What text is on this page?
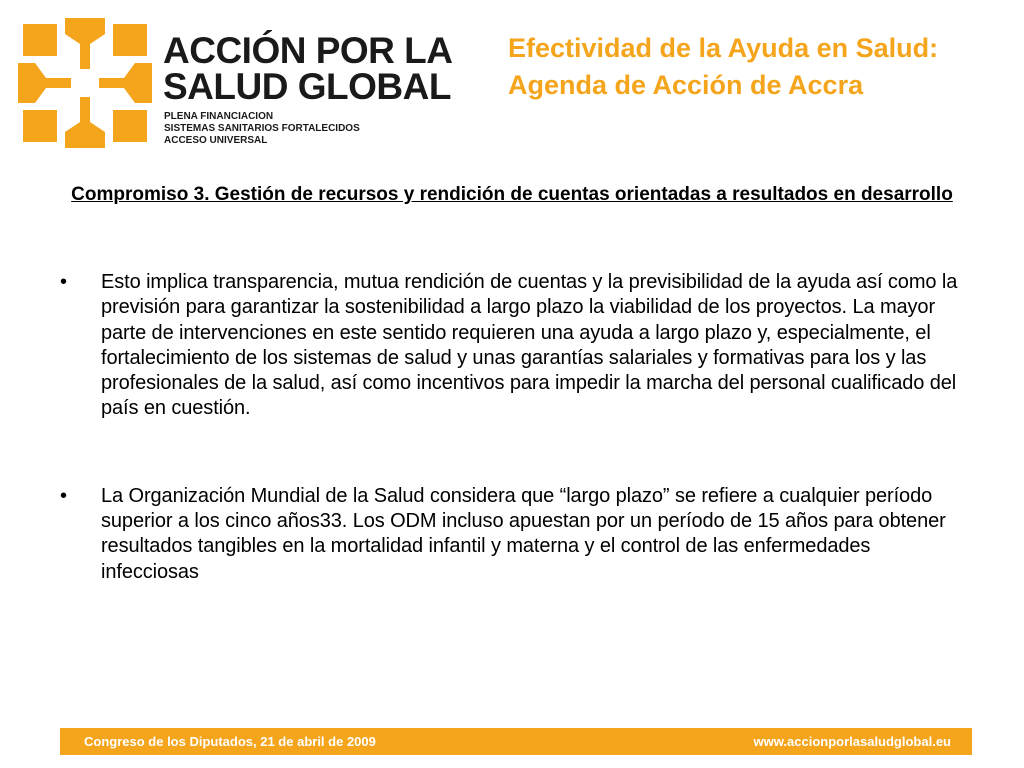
ACCIÓN POR LA
SALUD GLOBAL
PLENA FINANCIACION
SISTEMAS SANITARIOS FORTALECIDOS
ACCESO UNIVERSAL
Efectividad de la Ayuda en Salud: Agenda de Acción de Accra
Compromiso 3. Gestión de recursos y rendición de cuentas orientadas a resultados en desarrollo
• Esto implica transparencia, mutua rendición de cuentas y la previsibilidad de la ayuda así como la previsión para garantizar la sostenibilidad a largo plazo la viabilidad de los proyectos. La mayor parte de intervenciones en este sentido requieren una ayuda a largo plazo y, especialmente, el fortalecimiento de los sistemas de salud y unas garantías salariales y formativas para los y las profesionales de la salud, así como incentivos para impedir la marcha del personal cualificado del país en cuestión.
• La Organización Mundial de la Salud considera que “largo plazo” se refiere a cualquier período superior a los cinco años33. Los ODM incluso apuestan por un período de 15 años para obtener resultados tangibles en la mortalidad infantil y materna y el control de las enfermedades infecciosas
Congreso de los Diputados, 21 de abril de 2009	www.accionporlasaludglobal.eu
